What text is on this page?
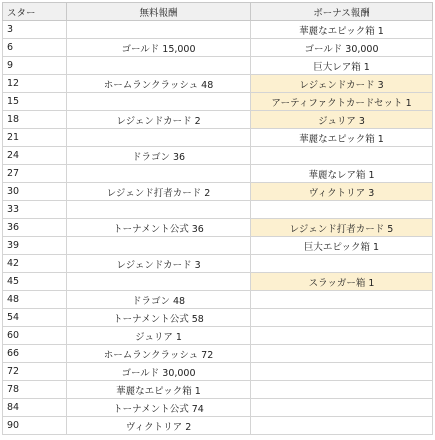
スター	無料報酬	ボーナス報酬
3		華麗なエピック箱 1
6	ゴールド 15,000	ゴールド 30,000
9		巨大レア箱 1
12	ホームランクラッシュ 48	レジェンドカード 3
15		アーティファクトカードセット 1
18	レジェンドカード 2	ジュリア 3
21		華麗なエピック箱 1
24	ドラゴン 36	
27		華麗なレア箱 1
30	レジェンド打者カード 2	ヴィクトリア 3
33		
36	トーナメント公式 36	レジェンド打者カード 5
39		巨大エピック箱 1
42	レジェンドカード 3	
45		スラッガー箱 1
48	ドラゴン 48	
54	トーナメント公式 58	
60	ジュリア 1	
66	ホームランクラッシュ 72	
72	ゴールド 30,000	
78	華麗なエピック箱 1	
84	トーナメント公式 74	
90	ヴィクトリア 2	
